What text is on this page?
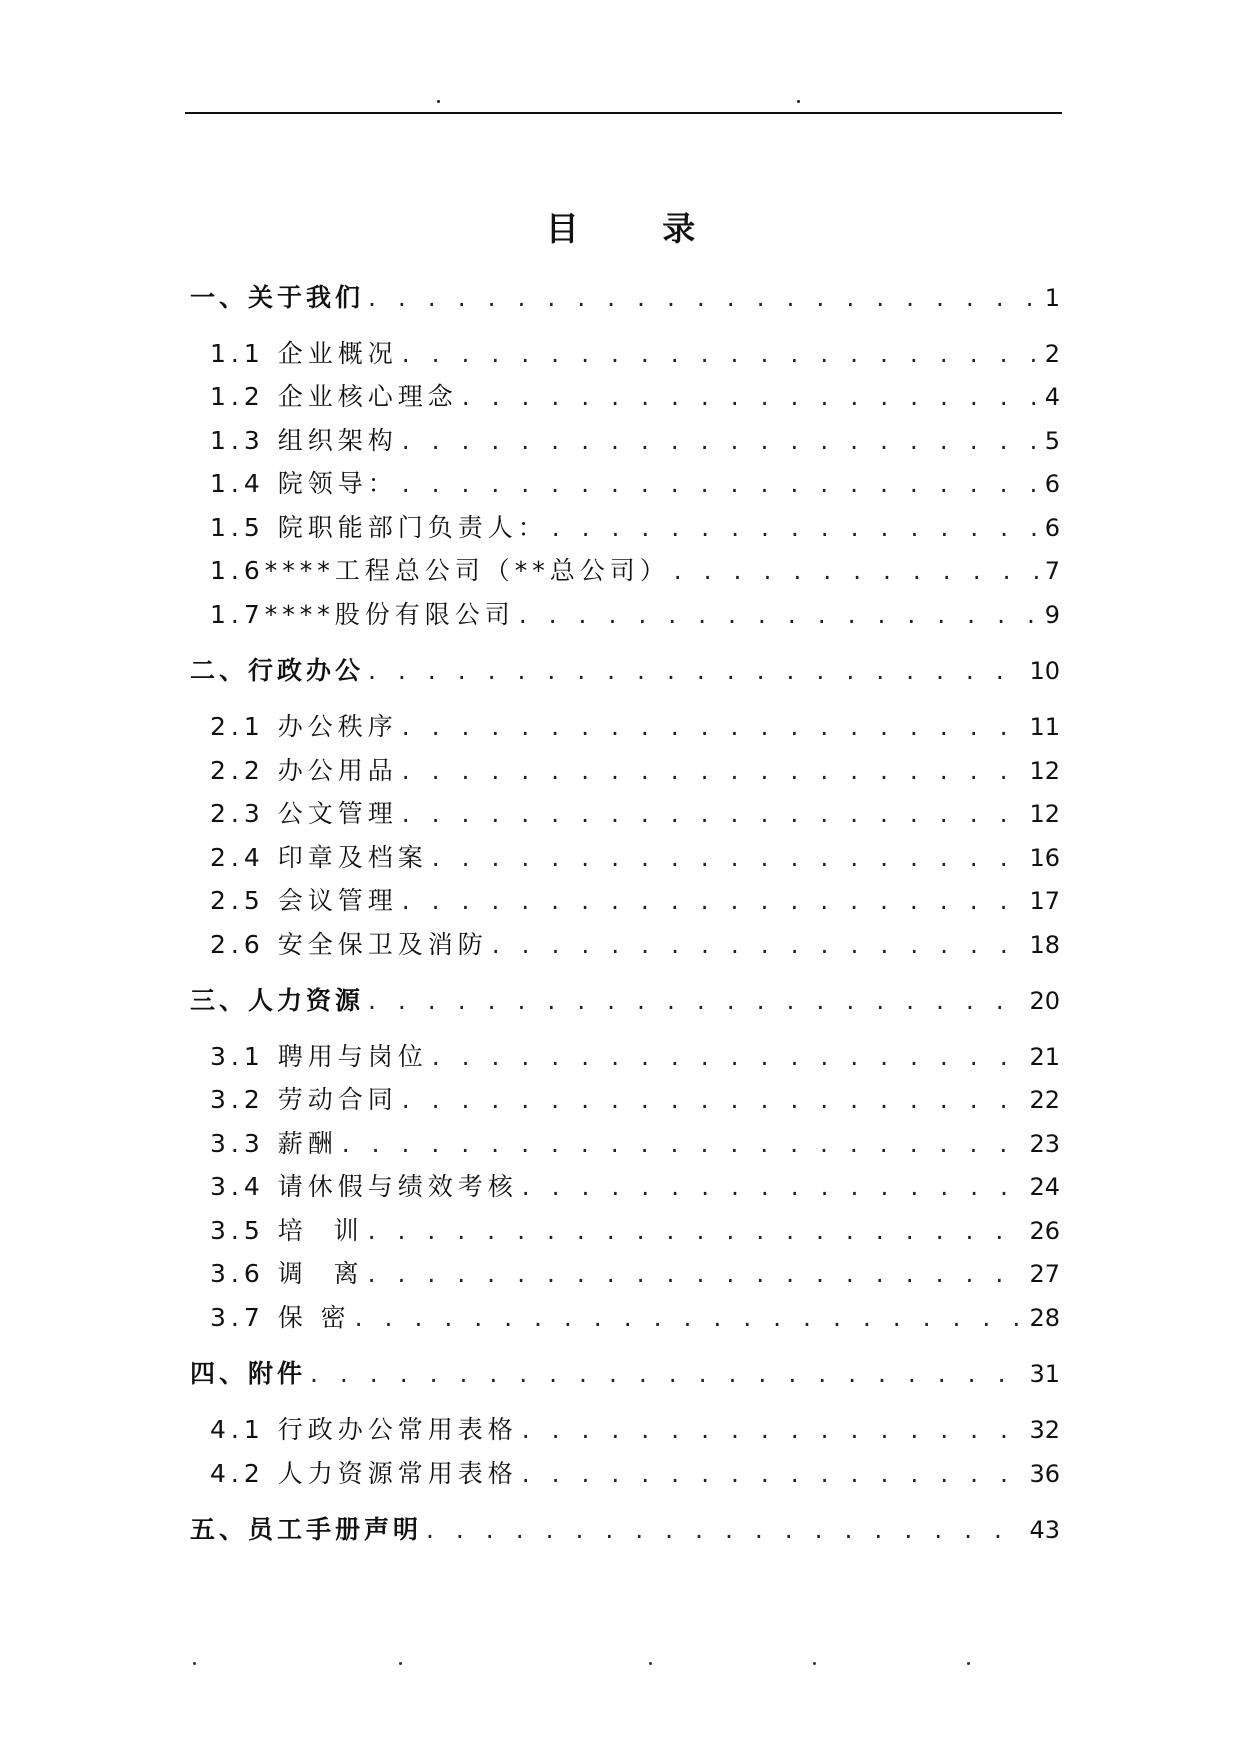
目 录
一、关于我们 . . .	1
1.1 企业概况 . . .	2
1.2 企业核心理念 . . .	4
1.3 组织架构 . . .	5
1.4 院领导： . . .	6
1.5 院职能部门负责人： . . .	6
1.6****工程总公司（**总公司） . . .	7
1.7****股份有限公司 . . .	9
二、行政办公 . . .	10
2.1 办公秩序 . . .	11
2.2 办公用品 . . .	12
2.3 公文管理 . . .	12
2.4 印章及档案 . . .	16
2.5 会议管理 . . .	17
2.6 安全保卫及消防 . . .	18
三、人力资源 . . .	20
3.1 聘用与岗位 . . .	21
3.2 劳动合同 . . .	22
3.3 薪酬 . . .	23
3.4 请休假与绩效考核 . . .	24
3.5 培  训 . . .	26
3.6 调  离 . . .	27
3.7 保 密 . . .	28
四、附件 . . .	31
4.1 行政办公常用表格 . . .	32
4.2 人力资源常用表格 . . .	36
五、员工手册声明 . . .	43
